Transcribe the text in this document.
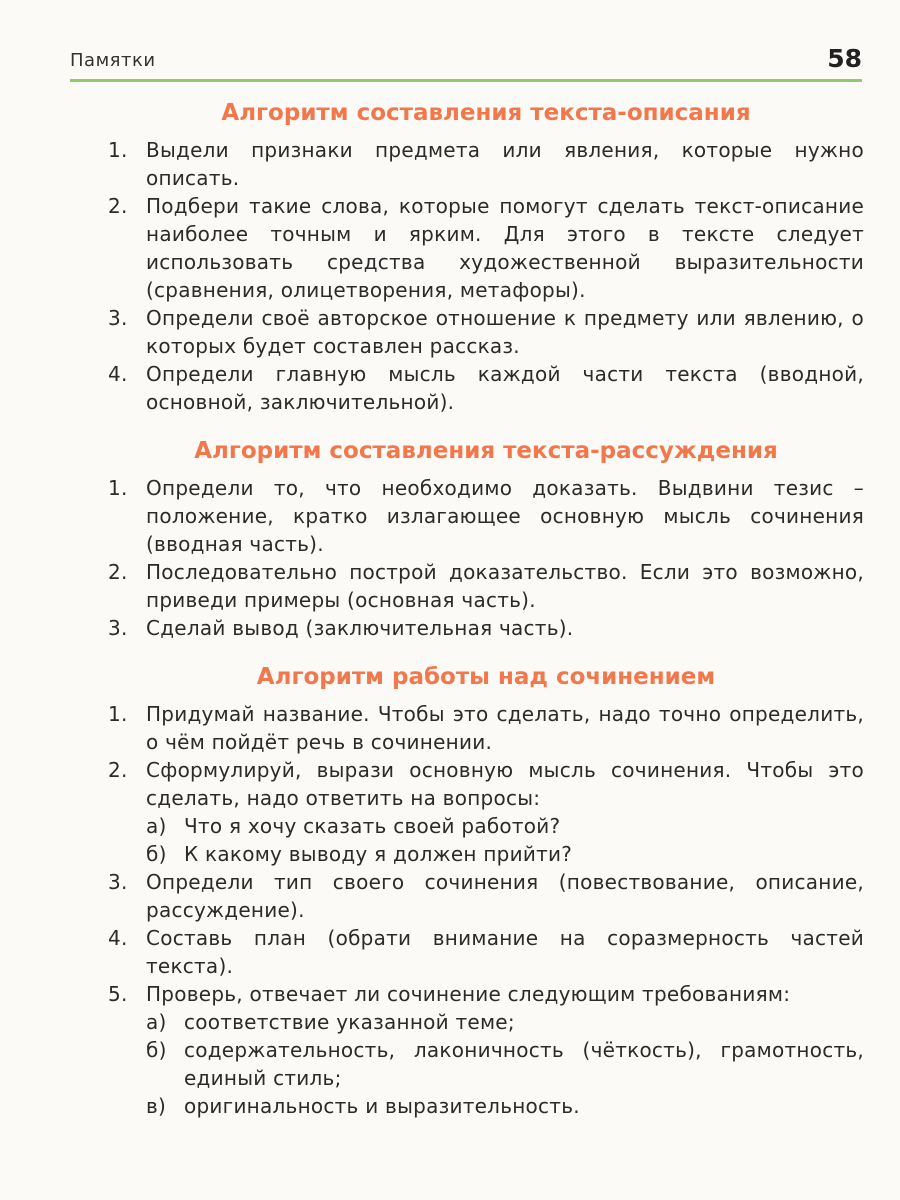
Памятки	58
Алгоритм составления текста-описания
1. Выдели признаки предмета или явления, которые нужно описать.
2. Подбери такие слова, которые помогут сделать текст-описание наиболее точным и ярким. Для этого в тексте следует использовать средства художественной выразительности (сравнения, олицетворения, метафоры).
3. Определи своё авторское отношение к предмету или явлению, о которых будет составлен рассказ.
4. Определи главную мысль каждой части текста (вводной, основной, заключительной).
Алгоритм составления текста-рассуждения
1. Определи то, что необходимо доказать. Выдвини тезис – положение, кратко излагающее основную мысль сочинения (вводная часть).
2. Последовательно построй доказательство. Если это возможно, приведи примеры (основная часть).
3. Сделай вывод (заключительная часть).
Алгоритм работы над сочинением
1. Придумай название. Чтобы это сделать, надо точно определить, о чём пойдёт речь в сочинении.
2. Сформулируй, вырази основную мысль сочинения. Чтобы это сделать, надо ответить на вопросы:
а) Что я хочу сказать своей работой?
б) К какому выводу я должен прийти?
3. Определи тип своего сочинения (повествование, описание, рассуждение).
4. Составь план (обрати внимание на соразмерность частей текста).
5. Проверь, отвечает ли сочинение следующим требованиям:
а) соответствие указанной теме;
б) содержательность, лаконичность (чёткость), грамотность, единый стиль;
в) оригинальность и выразительность.
